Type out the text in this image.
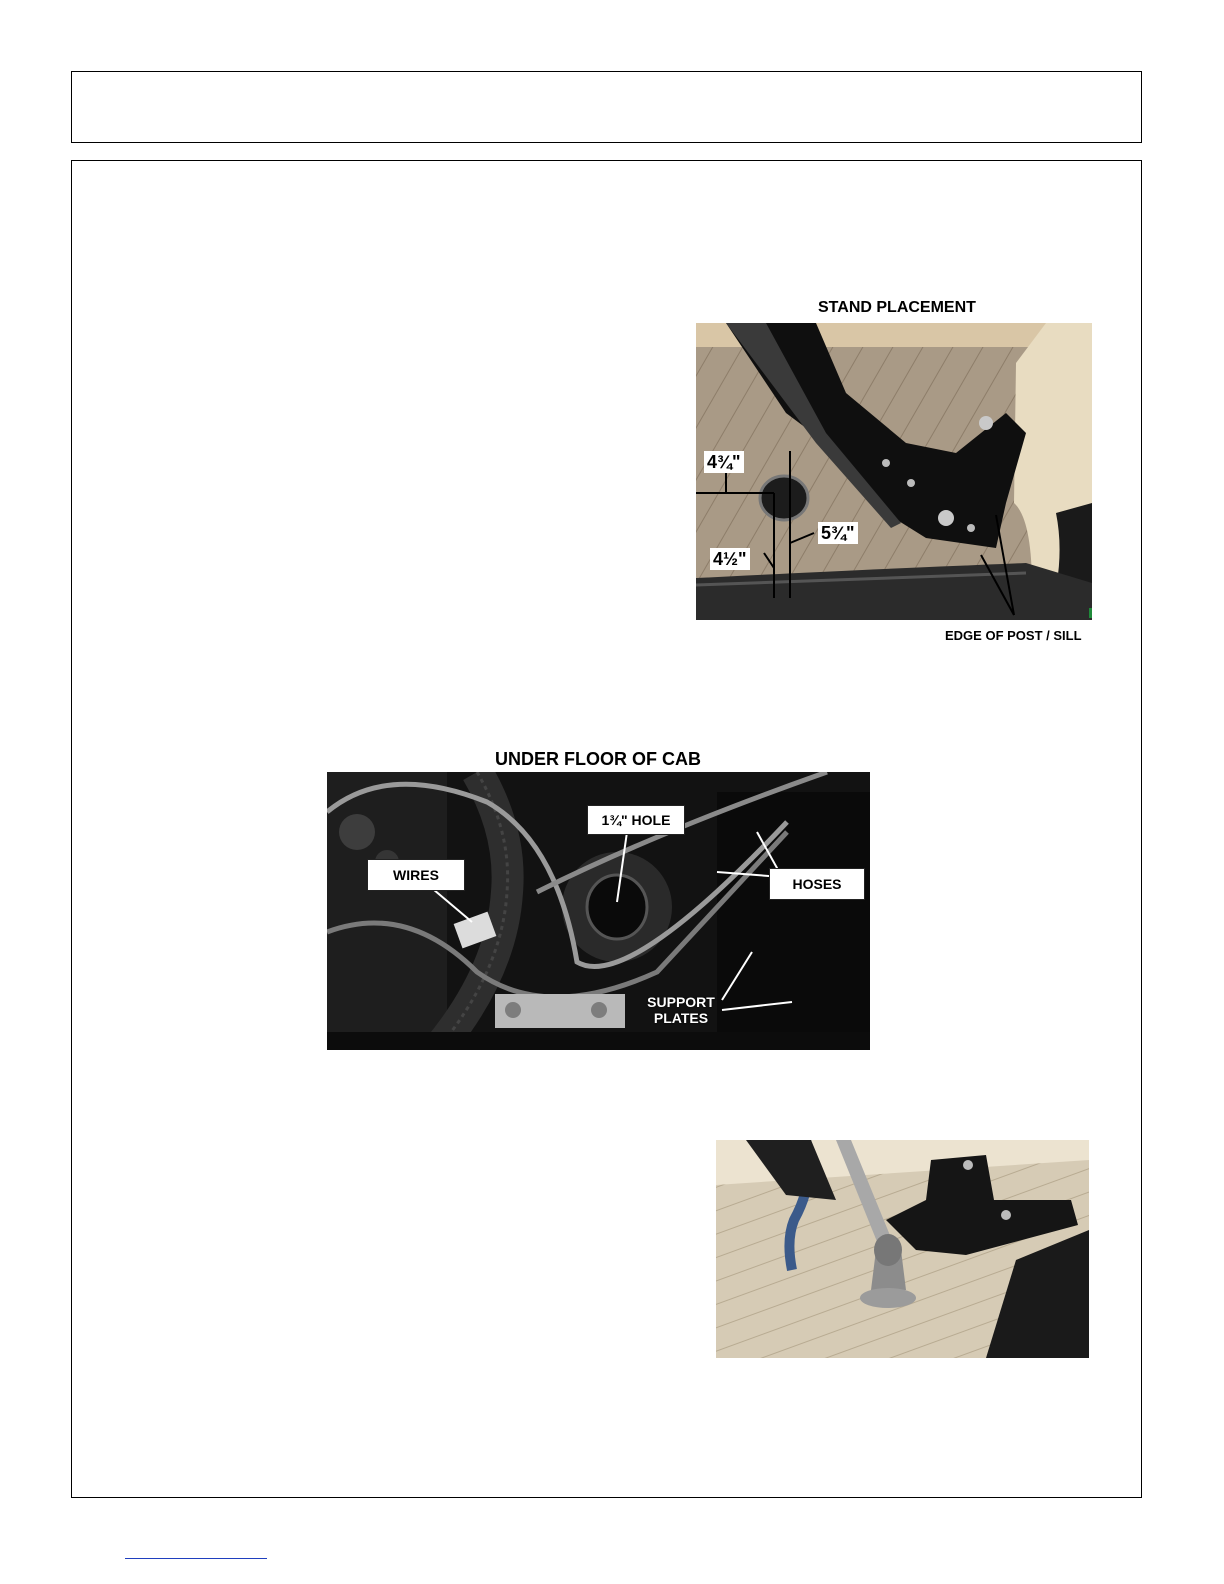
STAND PLACEMENT
4¾"
4½"
5¾"
EDGE OF POST / SILL
UNDER FLOOR OF CAB
1¾" HOLE
WIRES
HOSES
SUPPORT
PLATES
